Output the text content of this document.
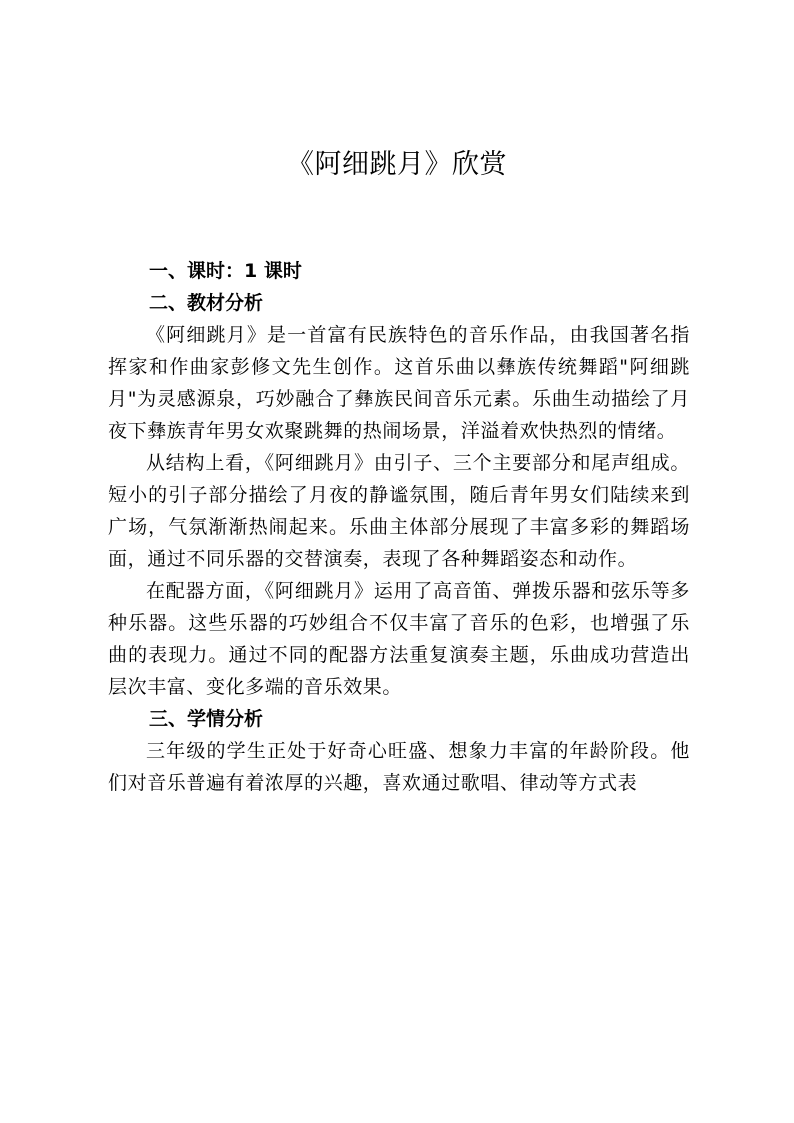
《阿细跳月》欣赏
一、课时：1 课时
二、教材分析

《阿细跳月》是一首富有民族特色的音乐作品，由我国著名指挥家和作曲家彭修文先生创作。这首乐曲以彝族传统舞蹈"阿细跳月"为灵感源泉，巧妙融合了彝族民间音乐元素。乐曲生动描绘了月夜下彝族青年男女欢聚跳舞的热闹场景，洋溢着欢快热烈的情绪。

从结构上看，《阿细跳月》由引子、三个主要部分和尾声组成。短小的引子部分描绘了月夜的静谧氛围，随后青年男女们陆续来到广场，气氛渐渐热闹起来。乐曲主体部分展现了丰富多彩的舞蹈场面，通过不同乐器的交替演奏，表现了各种舞蹈姿态和动作。

在配器方面，《阿细跳月》运用了高音笛、弹拨乐器和弦乐等多种乐器。这些乐器的巧妙组合不仅丰富了音乐的色彩，也增强了乐曲的表现力。通过不同的配器方法重复演奏主题，乐曲成功营造出层次丰富、变化多端的音乐效果。

三、学情分析

三年级的学生正处于好奇心旺盛、想象力丰富的年龄阶段。他们对音乐普遍有着浓厚的兴趣，喜欢通过歌唱、律动等方式表
